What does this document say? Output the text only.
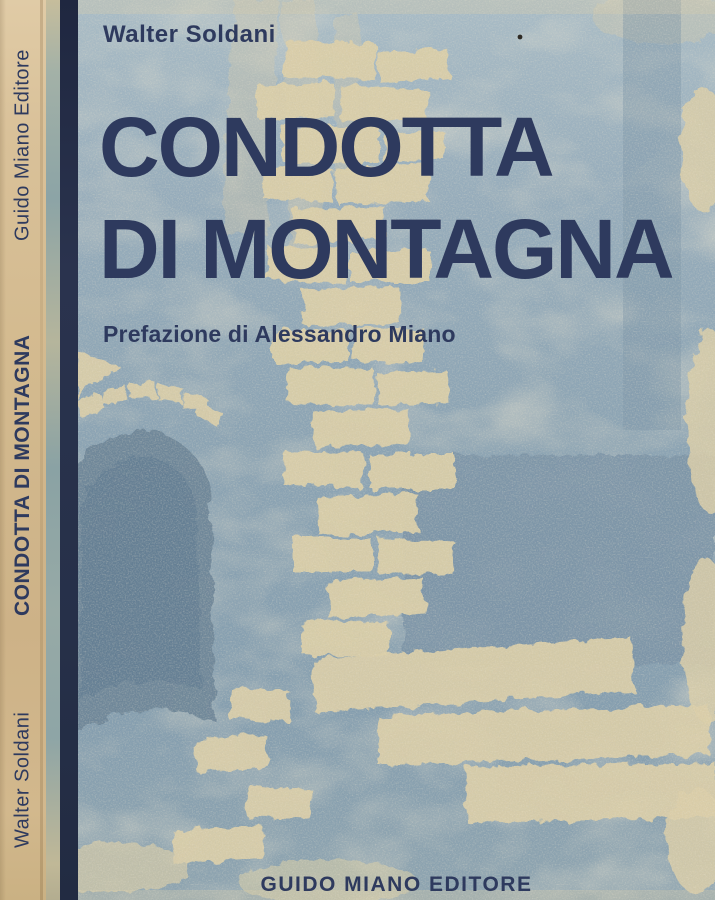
Guido Miano Editore
CONDOTTA DI MONTAGNA
Walter Soldani
Walter Soldani
CONDOTTA
DI MONTAGNA
Prefazione di Alessandro Miano
GUIDO MIANO EDITORE
